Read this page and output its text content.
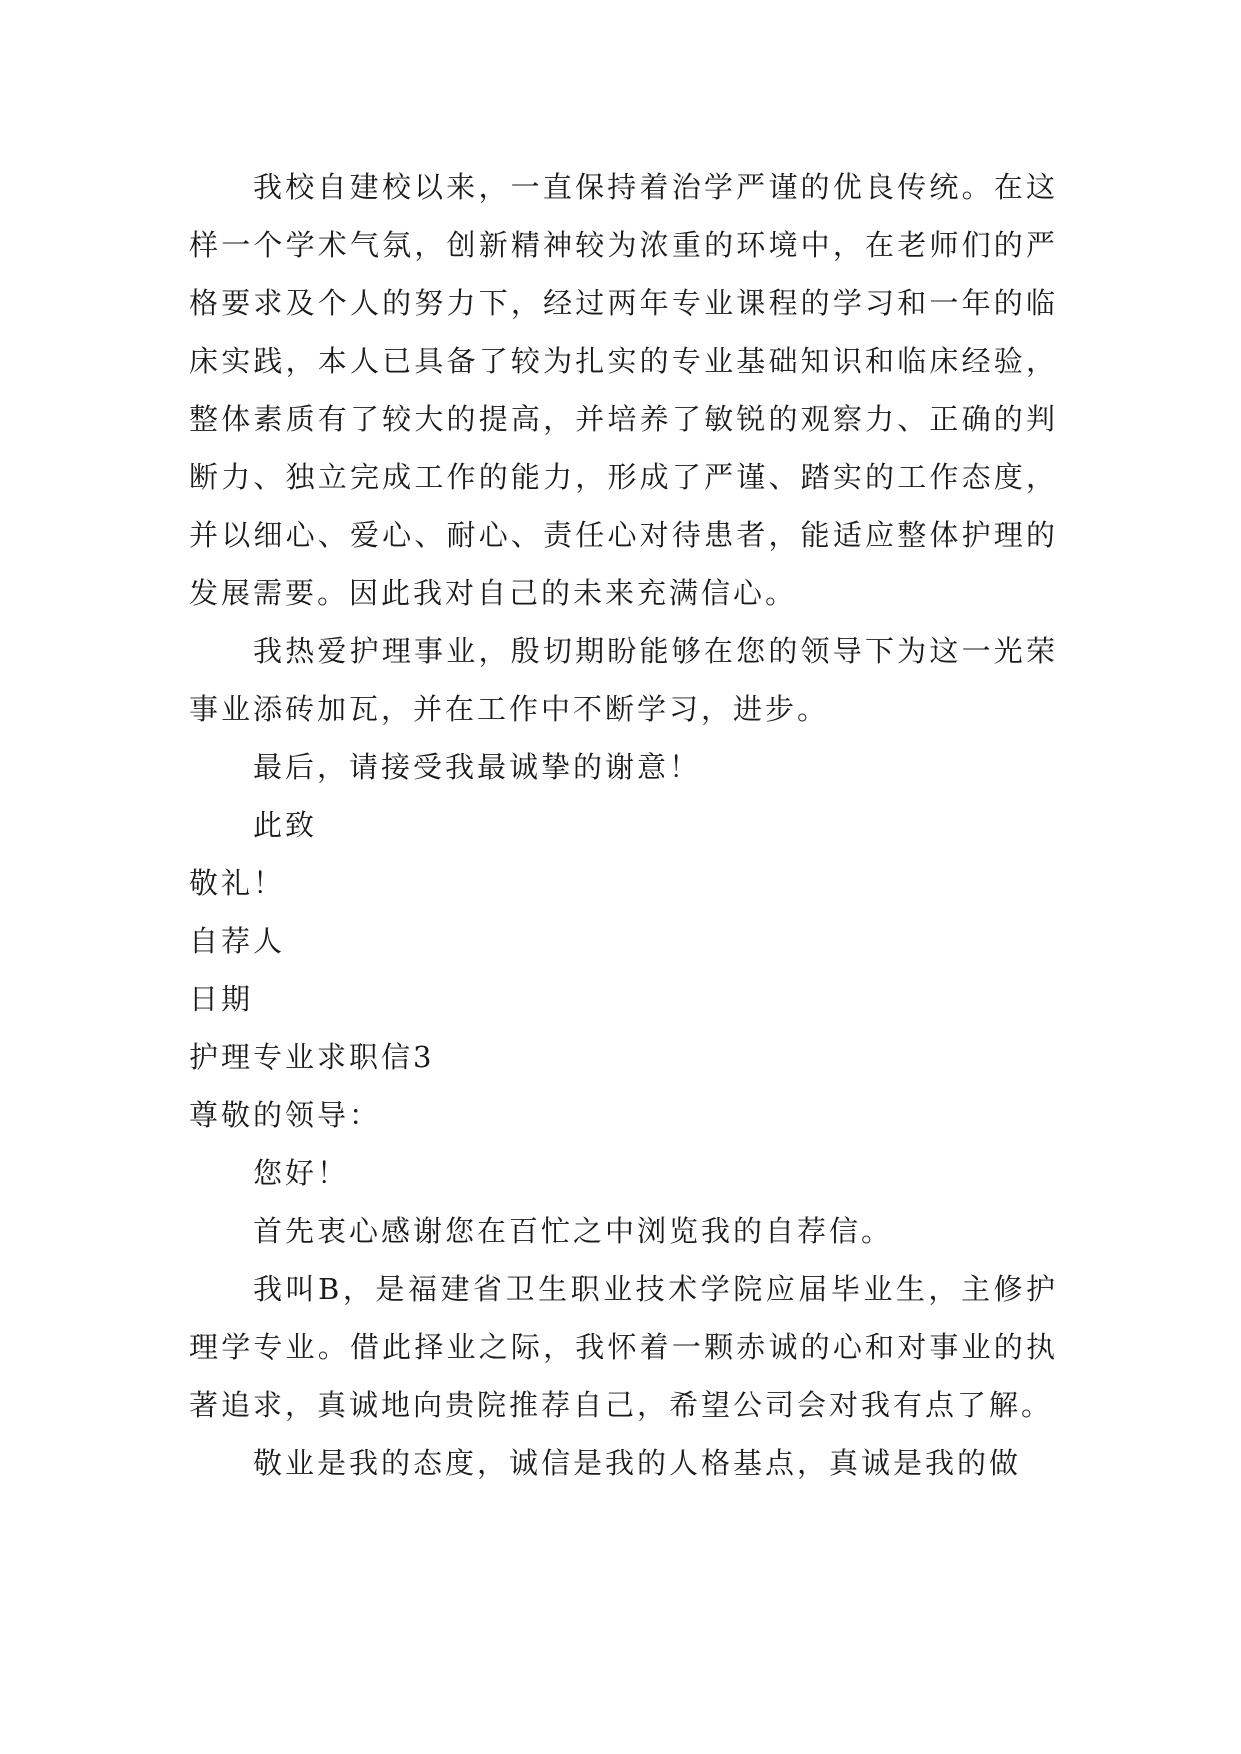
我校自建校以来，一直保持着治学严谨的优良传统。在这样一个学术气氛，创新精神较为浓重的环境中，在老师们的严格要求及个人的努力下，经过两年专业课程的学习和一年的临床实践，本人已具备了较为扎实的专业基础知识和临床经验，整体素质有了较大的提高，并培养了敏锐的观察力、正确的判断力、独立完成工作的能力，形成了严谨、踏实的工作态度，并以细心、爱心、耐心、责任心对待患者，能适应整体护理的发展需要。因此我对自己的未来充满信心。

我热爱护理事业，殷切期盼能够在您的领导下为这一光荣事业添砖加瓦，并在工作中不断学习，进步。

最后，请接受我最诚挚的谢意！

此致

敬礼！

自荐人

日期

护理专业求职信3

尊敬的领导：

您好！

首先衷心感谢您在百忙之中浏览我的自荐信。

我叫B，是福建省卫生职业技术学院应届毕业生，主修护理学专业。借此择业之际，我怀着一颗赤诚的心和对事业的执著追求，真诚地向贵院推荐自己，希望公司会对我有点了解。

敬业是我的态度，诚信是我的人格基点，真诚是我的做
